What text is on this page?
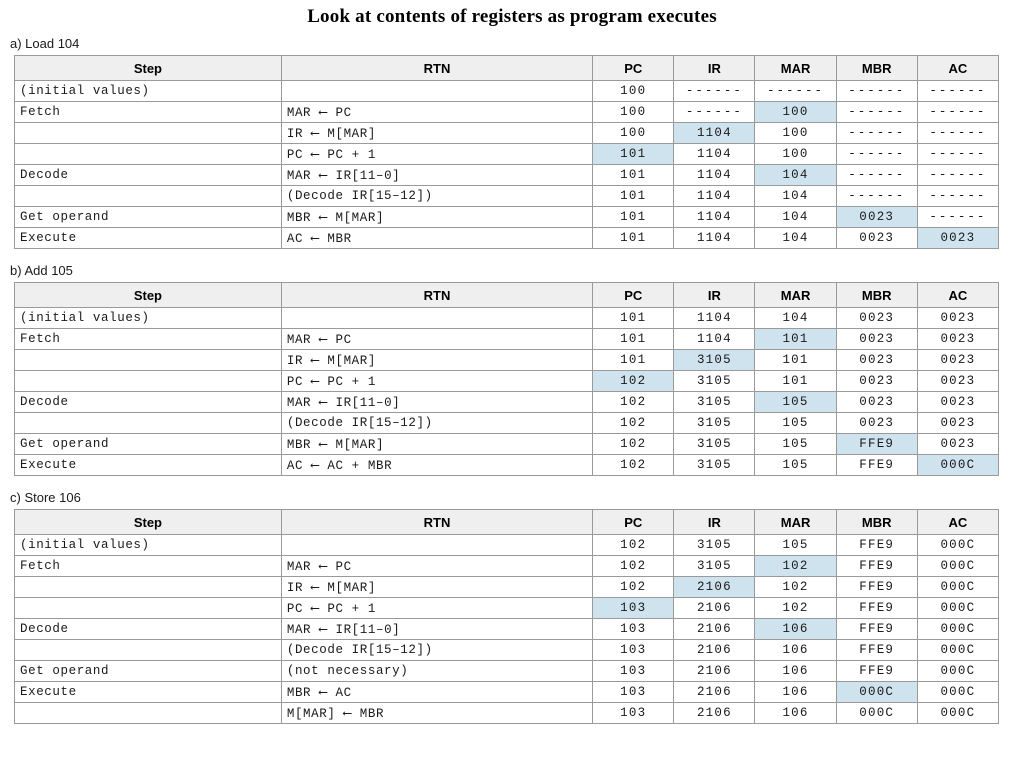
Look at contents of registers as program executes
a) Load 104
Step	RTN	PC	IR	MAR	MBR	AC
(initial values)		100	------	------	------	------
Fetch	MAR ⟵ PC	100	------	100	------	------
	IR ⟵ M[MAR]	100	1104	100	------	------
	PC ⟵ PC + 1	101	1104	100	------	------
Decode	MAR ⟵ IR[11–0]	101	1104	104	------	------
	(Decode IR[15–12])	101	1104	104	------	------
Get operand	MBR ⟵ M[MAR]	101	1104	104	0023	------
Execute	AC ⟵ MBR	101	1104	104	0023	0023
b) Add 105
Step	RTN	PC	IR	MAR	MBR	AC
(initial values)		101	1104	104	0023	0023
Fetch	MAR ⟵ PC	101	1104	101	0023	0023
	IR ⟵ M[MAR]	101	3105	101	0023	0023
	PC ⟵ PC + 1	102	3105	101	0023	0023
Decode	MAR ⟵ IR[11–0]	102	3105	105	0023	0023
	(Decode IR[15–12])	102	3105	105	0023	0023
Get operand	MBR ⟵ M[MAR]	102	3105	105	FFE9	0023
Execute	AC ⟵ AC + MBR	102	3105	105	FFE9	000C
c) Store 106
Step	RTN	PC	IR	MAR	MBR	AC
(initial values)		102	3105	105	FFE9	000C
Fetch	MAR ⟵ PC	102	3105	102	FFE9	000C
	IR ⟵ M[MAR]	102	2106	102	FFE9	000C
	PC ⟵ PC + 1	103	2106	102	FFE9	000C
Decode	MAR ⟵ IR[11–0]	103	2106	106	FFE9	000C
	(Decode IR[15–12])	103	2106	106	FFE9	000C
Get operand	(not necessary)	103	2106	106	FFE9	000C
Execute	MBR ⟵ AC	103	2106	106	000C	000C
	M[MAR] ⟵ MBR	103	2106	106	000C	000C
